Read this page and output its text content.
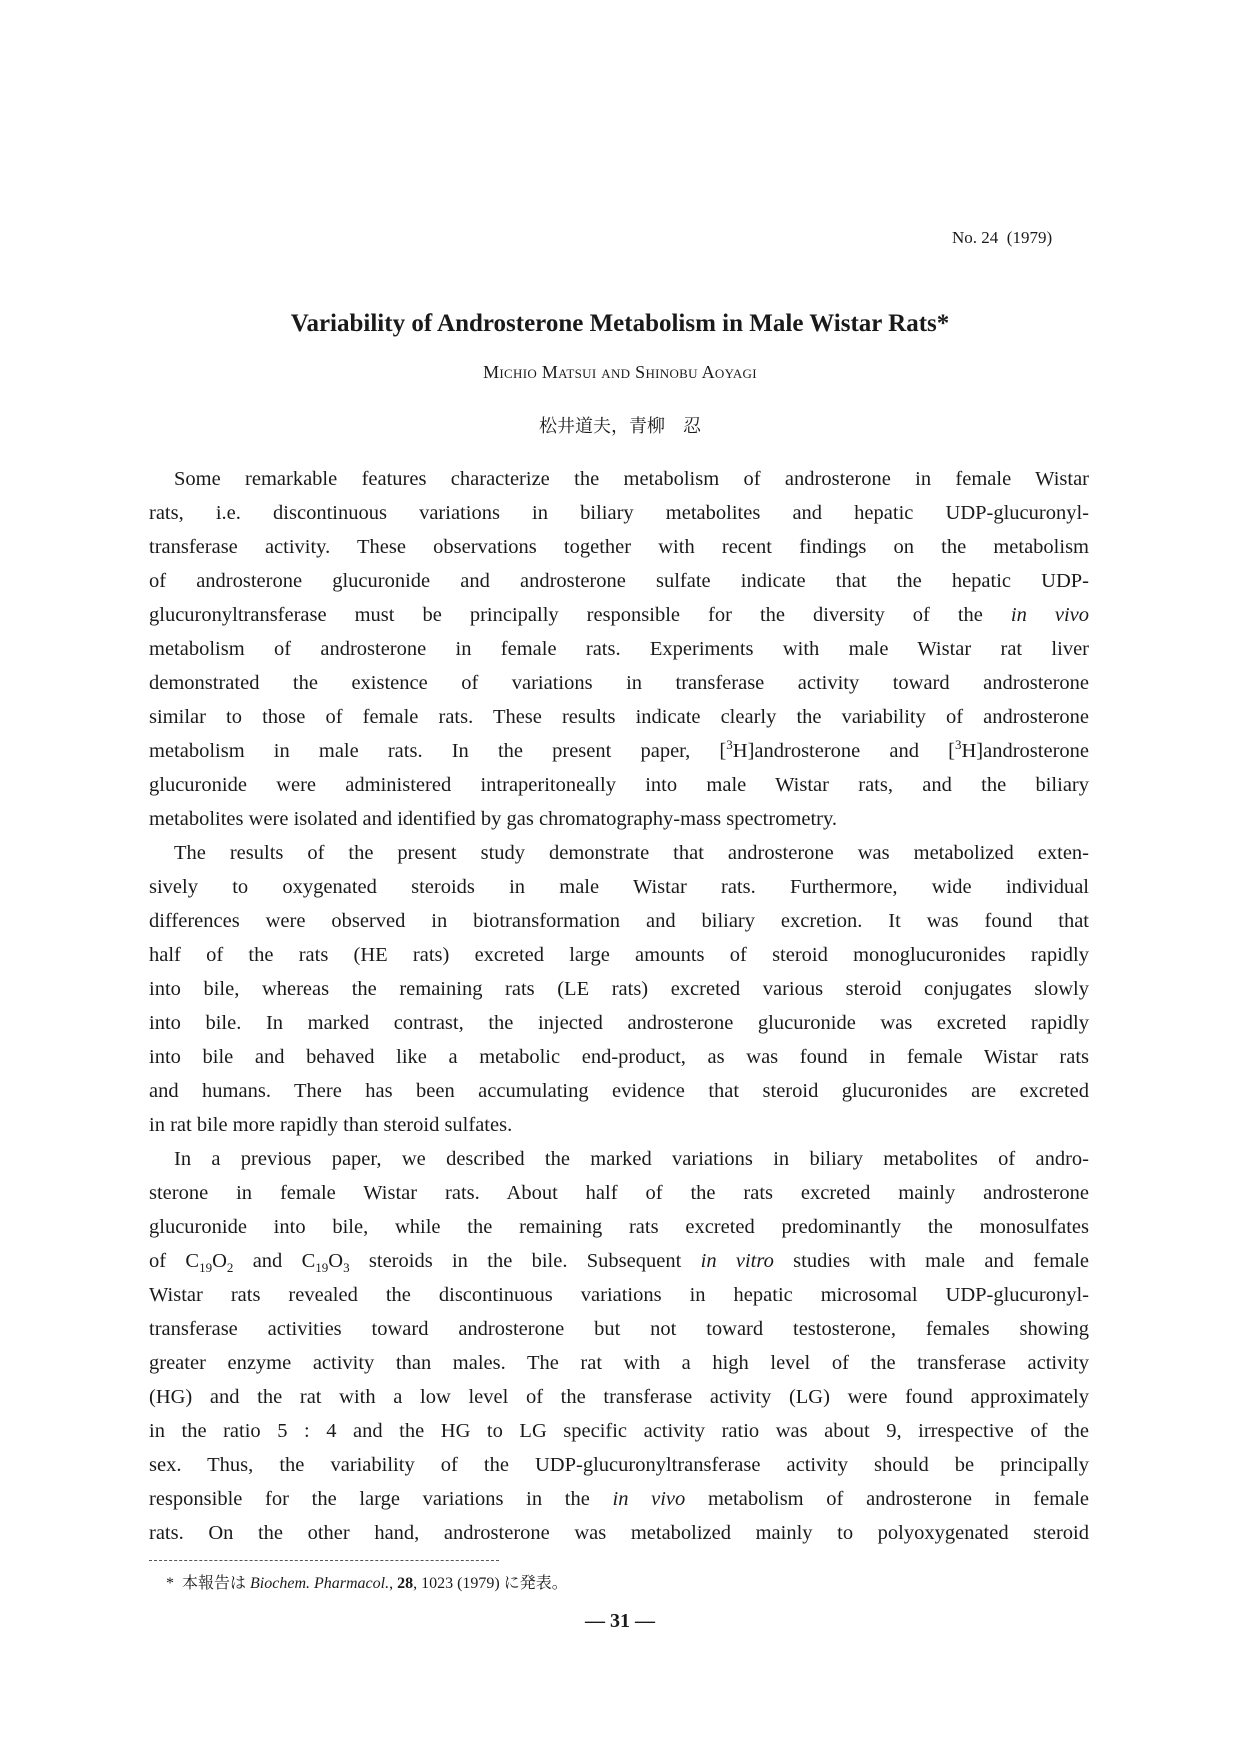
No. 24  (1979)
Variability of Androsterone Metabolism in Male Wistar Rats*
Michio Matsui and Shinobu Aoyagi
松井道夫，青柳　忍
Some remarkable features characterize the metabolism of androsterone in female Wistar
rats, i.e. discontinuous variations in biliary metabolites and hepatic UDP-glucuronyl-
transferase activity. These observations together with recent findings on the metabolism
of androsterone glucuronide and androsterone sulfate indicate that the hepatic UDP-
glucuronyltransferase must be principally responsible for the diversity of the in vivo
metabolism of androsterone in female rats. Experiments with male Wistar rat liver
demonstrated the existence of variations in transferase activity toward androsterone
similar to those of female rats. These results indicate clearly the variability of androsterone
metabolism in male rats. In the present paper, [$^3$H]androsterone and [$^3$H]androsterone
glucuronide were administered intraperitoneally into male Wistar rats, and the biliary
metabolites were isolated and identified by gas chromatography-mass spectrometry.
The results of the present study demonstrate that androsterone was metabolized exten-
sively to oxygenated steroids in male Wistar rats. Furthermore, wide individual
differences were observed in biotransformation and biliary excretion. It was found that
half of the rats (HE rats) excreted large amounts of steroid monoglucuronides rapidly
into bile, whereas the remaining rats (LE rats) excreted various steroid conjugates slowly
into bile. In marked contrast, the injected androsterone glucuronide was excreted rapidly
into bile and behaved like a metabolic end-product, as was found in female Wistar rats
and humans. There has been accumulating evidence that steroid glucuronides are excreted
in rat bile more rapidly than steroid sulfates.
In a previous paper, we described the marked variations in biliary metabolites of andro-
sterone in female Wistar rats. About half of the rats excreted mainly androsterone
glucuronide into bile, while the remaining rats excreted predominantly the monosulfates
of $C_{19}O_2$ and $C_{19}O_3$ steroids in the bile. Subsequent in vitro studies with male and female
Wistar rats revealed the discontinuous variations in hepatic microsomal UDP-glucuronyl-
transferase activities toward androsterone but not toward testosterone, females showing
greater enzyme activity than males. The rat with a high level of the transferase activity
(HG) and the rat with a low level of the transferase activity (LG) were found approximately
in the ratio 5 : 4 and the HG to LG specific activity ratio was about 9, irrespective of the
sex. Thus, the variability of the UDP-glucuronyltransferase activity should be principally
responsible for the large variations in the in vivo metabolism of androsterone in female
rats. On the other hand, androsterone was metabolized mainly to polyoxygenated steroid
* 本報告は Biochem. Pharmacol., 28, 1023 (1979) に発表。
— 31 —
